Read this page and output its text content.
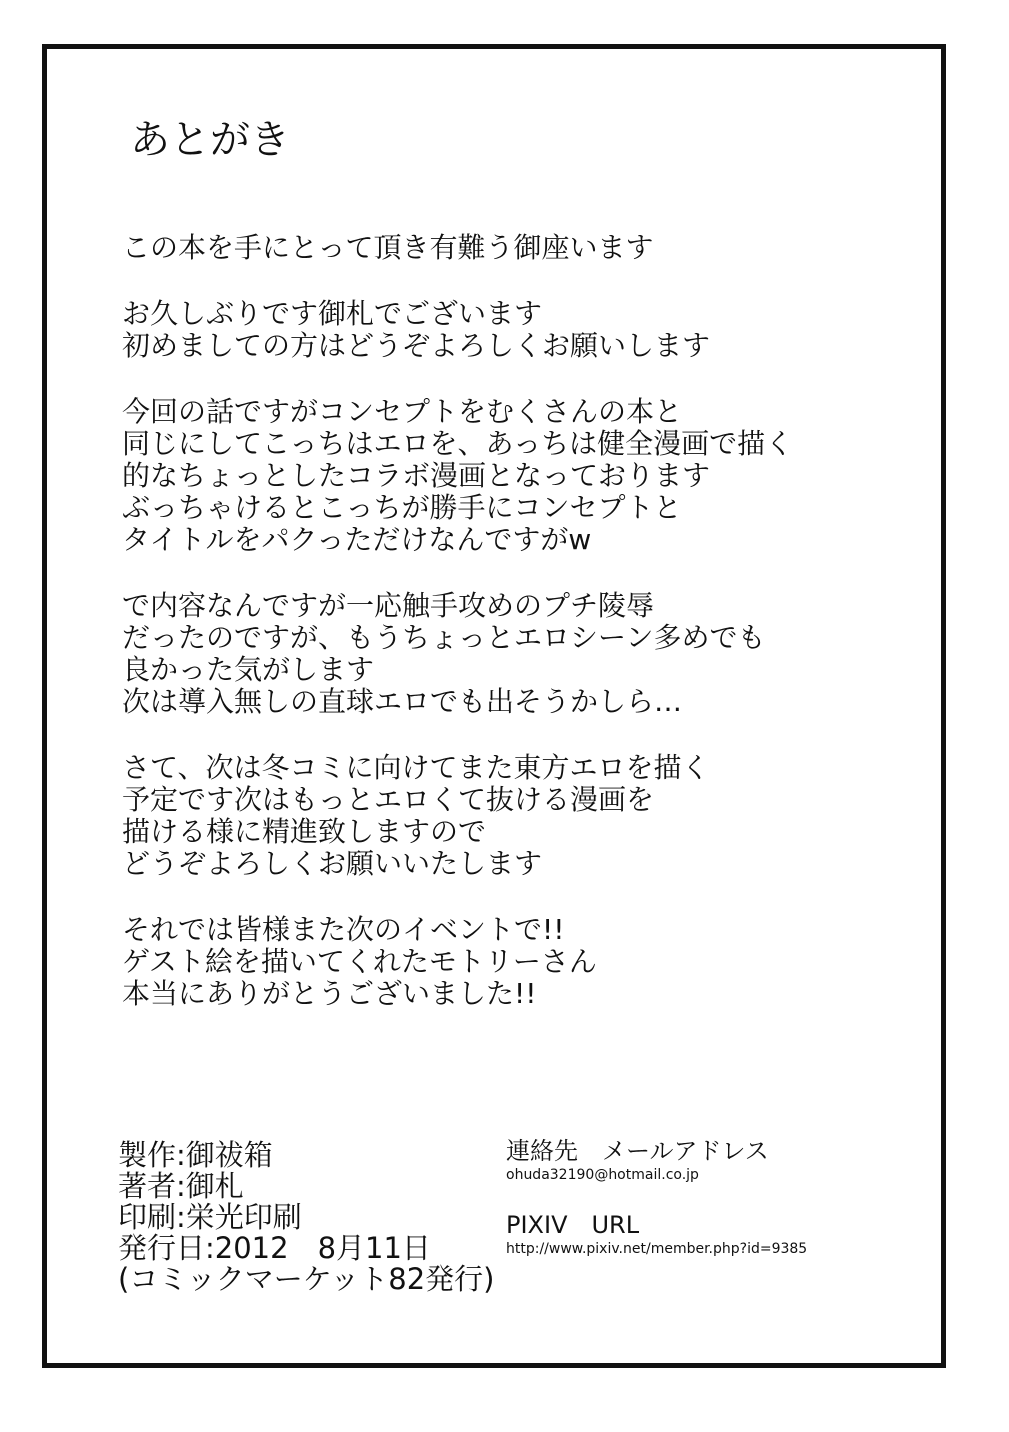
あとがき
この本を手にとって頂き有難う御座います
お久しぶりです御札でございます
初めましての方はどうぞよろしくお願いします
今回の話ですがコンセプトをむくさんの本と
同じにしてこっちはエロを、あっちは健全漫画で描く
的なちょっとしたコラボ漫画となっております
ぶっちゃけるとこっちが勝手にコンセプトと
タイトルをパクっただけなんですがw
で内容なんですが一応触手攻めのプチ陵辱
だったのですが、もうちょっとエロシーン多めでも
良かった気がします
次は導入無しの直球エロでも出そうかしら…
さて、次は冬コミに向けてまた東方エロを描く
予定です次はもっとエロくて抜ける漫画を
描ける様に精進致しますので
どうぞよろしくお願いいたします
それでは皆様また次のイベントで!!
ゲスト絵を描いてくれたモトリーさん
本当にありがとうございました!!
製作:御祓箱
著者:御札
印刷:栄光印刷
発行日:2012　8月11日
(コミックマーケット82発行)
連絡先　メールアドレス
ohuda32190@hotmail.co.jp
PIXIV　URL
http://www.pixiv.net/member.php?id=9385
